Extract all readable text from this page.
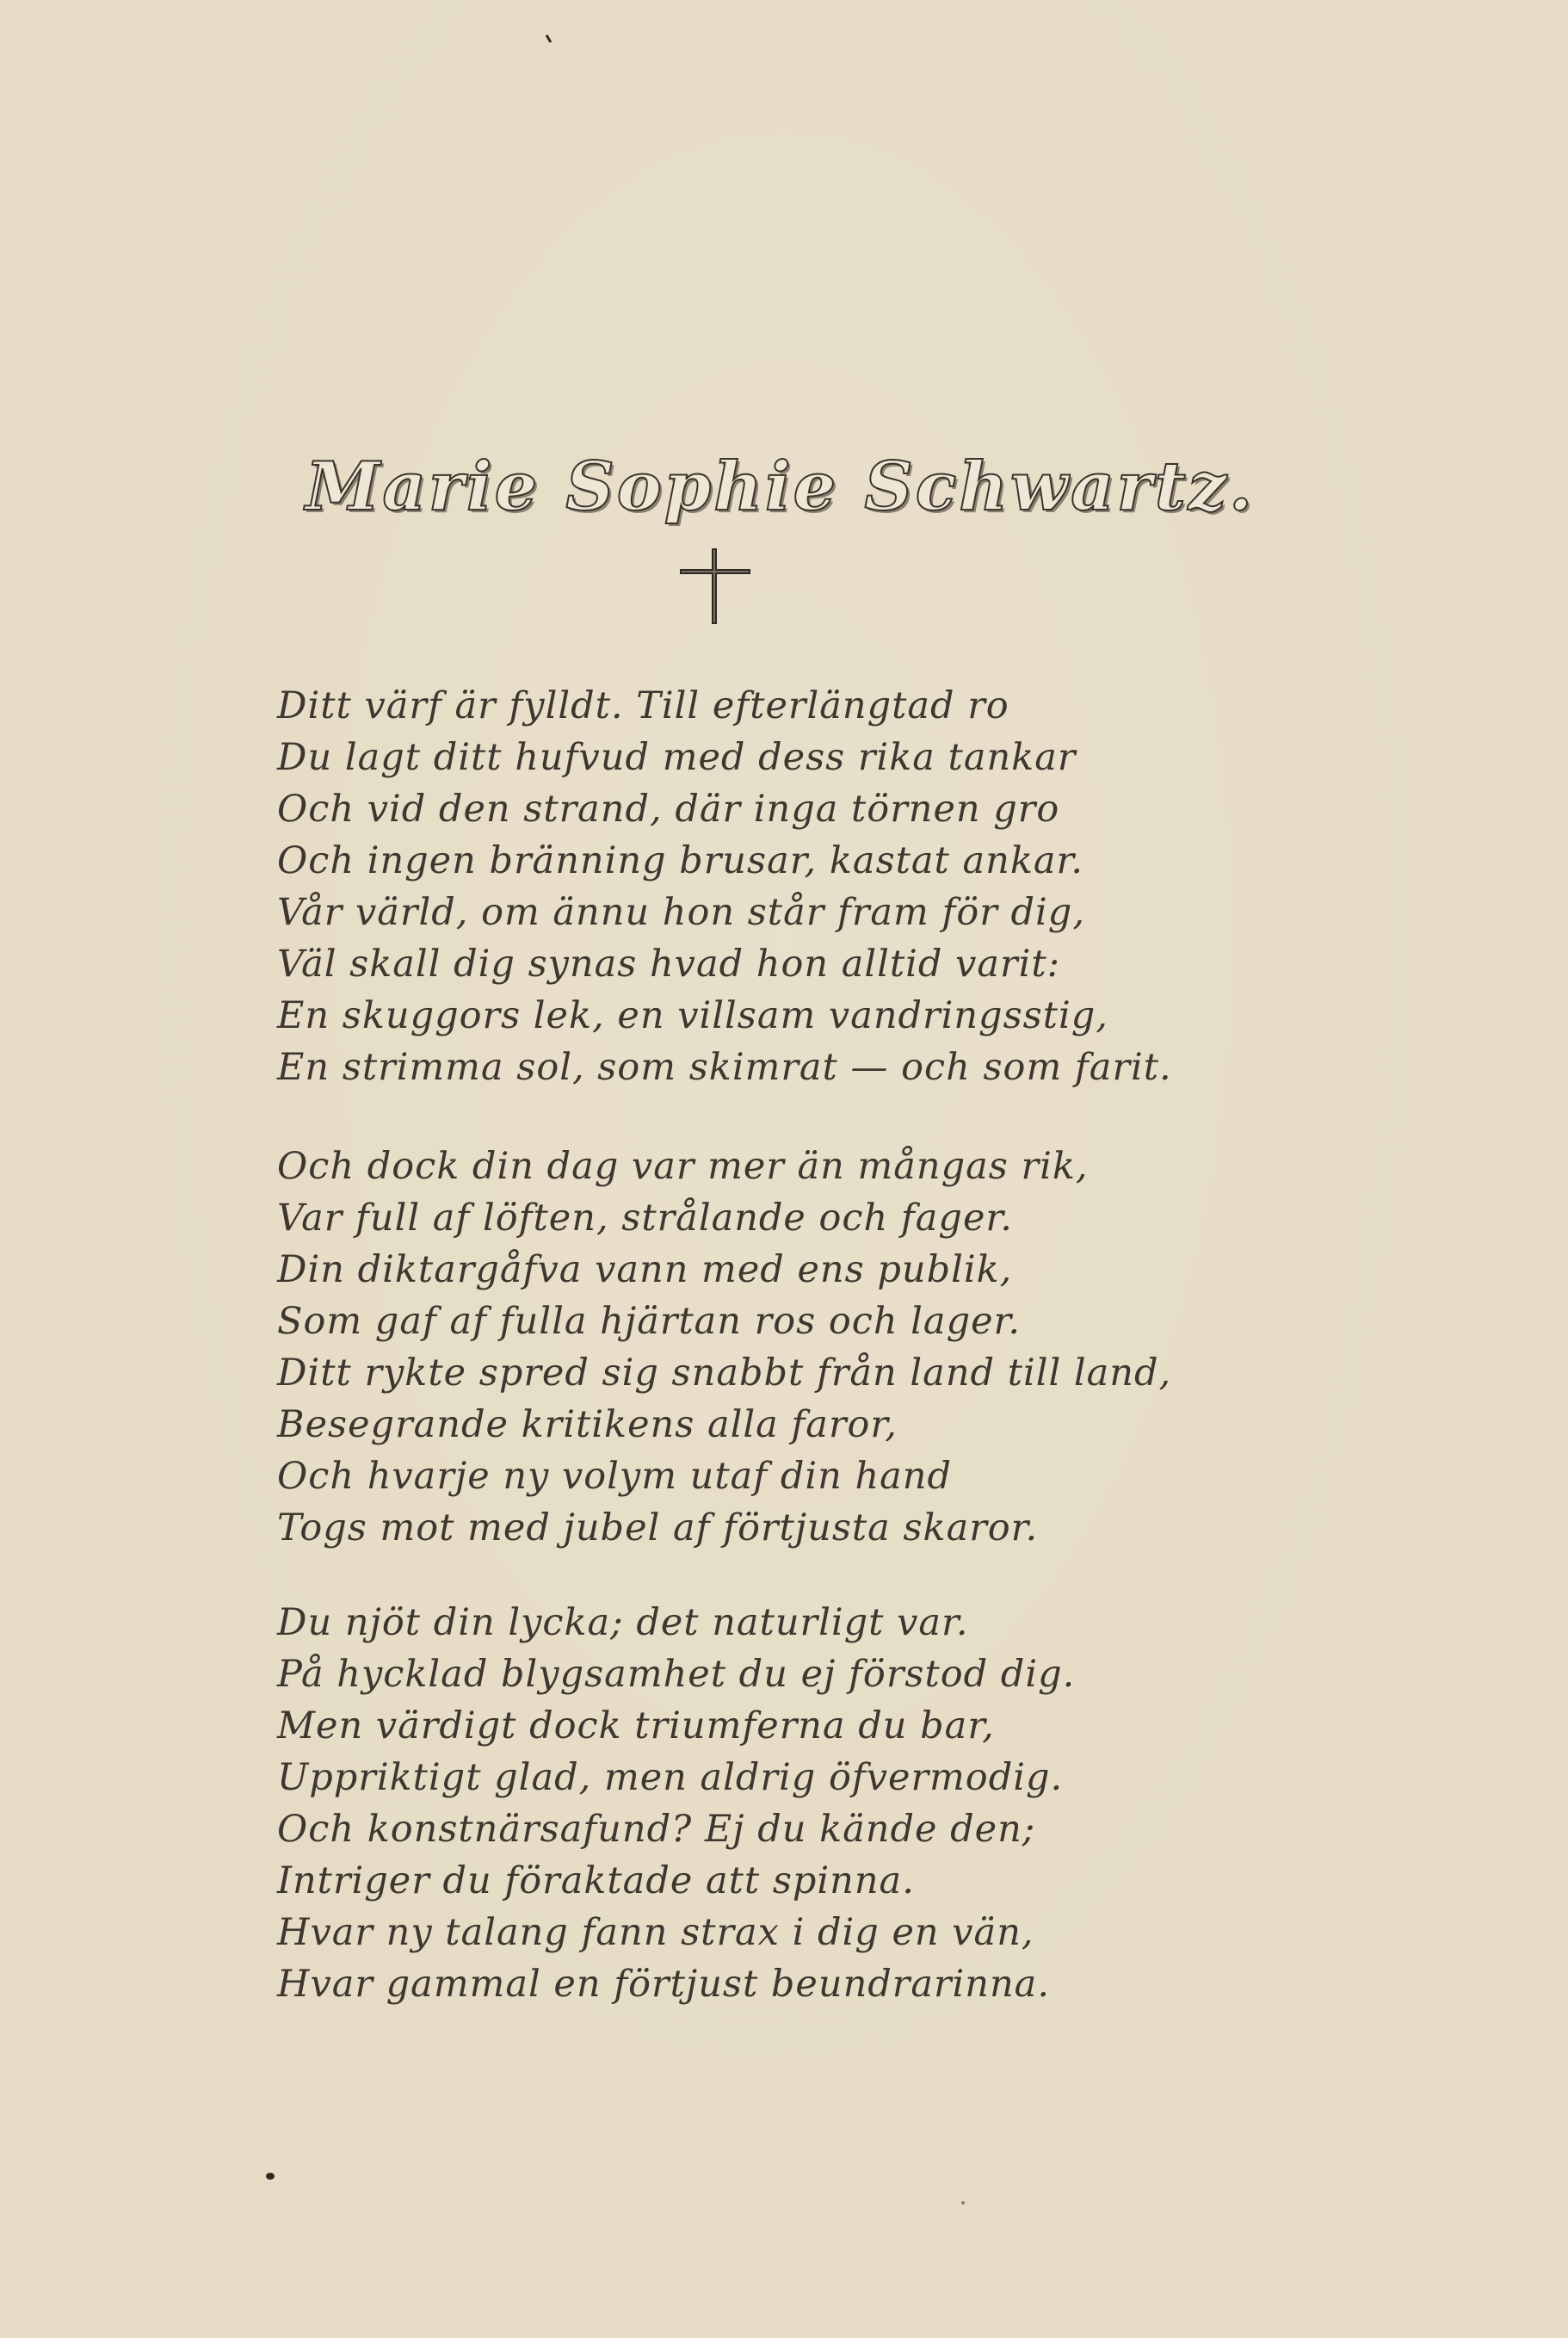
Marie Sophie Schwartz.
Ditt värf är fylldt. Till efterlängtad ro
Du lagt ditt hufvud med dess rika tankar
Och vid den strand, där inga törnen gro
Och ingen bränning brusar, kastat ankar.
Vår värld, om ännu hon står fram för dig,
Väl skall dig synas hvad hon alltid varit:
En skuggors lek, en villsam vandringsstig,
En strimma sol, som skimrat — och som farit.
Och dock din dag var mer än mångas rik,
Var full af löften, strålande och fager.
Din diktargåfva vann med ens publik,
Som gaf af fulla hjärtan ros och lager.
Ditt rykte spred sig snabbt från land till land,
Besegrande kritikens alla faror,
Och hvarje ny volym utaf din hand
Togs mot med jubel af förtjusta skaror.
Du njöt din lycka; det naturligt var.
På hycklad blygsamhet du ej förstod dig.
Men värdigt dock triumferna du bar,
Uppriktigt glad, men aldrig öfvermodig.
Och konstnärsafund? Ej du kände den;
Intriger du föraktade att spinna.
Hvar ny talang fann strax i dig en vän,
Hvar gammal en förtjust beundrarinna.
